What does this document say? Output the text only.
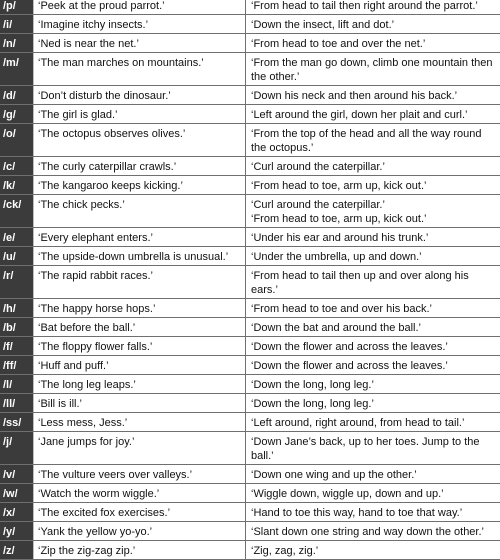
/p/	‘Peek at the proud parrot.’	‘From head to tail then right around the parrot.’
/i/	‘Imagine itchy insects.’	‘Down the insect, lift and dot.’
/n/	‘Ned is near the net.’	‘From head to toe and over the net.’
/m/	‘The man marches on mountains.’	‘From the man go down, climb one mountain then the other.’
/d/	‘Don’t disturb the dinosaur.’	‘Down his neck and then around his back.’
/g/	‘The girl is glad.’	‘Left around the girl, down her plait and curl.’
/o/	‘The octopus observes olives.’	‘From the top of the head and all the way round the octopus.’
/c/	‘The curly caterpillar crawls.’	‘Curl around the caterpillar.’
/k/	‘The kangaroo keeps kicking.’	‘From head to toe, arm up, kick out.’
/ck/	‘The chick pecks.’	‘Curl around the caterpillar.’
‘From head to toe, arm up, kick out.’
/e/	‘Every elephant enters.’	‘Under his ear and around his trunk.’
/u/	‘The upside-down umbrella is unusual.’	‘Under the umbrella, up and down.’
/r/	‘The rapid rabbit races.’	‘From head to tail then up and over along his ears.’
/h/	‘The happy horse hops.’	‘From head to toe and over his back.’
/b/	‘Bat before the ball.’	‘Down the bat and around the ball.’
/f/	‘The floppy flower falls.’	‘Down the flower and across the leaves.’
/ff/	‘Huff and puff.’	‘Down the flower and across the leaves.’
/l/	‘The long leg leaps.’	‘Down the long, long leg.’
/ll/	‘Bill is ill.’	‘Down the long, long leg.’
/ss/	‘Less mess, Jess.’	‘Left around, right around, from head to tail.’
/j/	‘Jane jumps for joy.’	‘Down Jane’s back, up to her toes. Jump to the ball.’
/v/	‘The vulture veers over valleys.’	‘Down one wing and up the other.’
/w/	‘Watch the worm wiggle.’	‘Wiggle down, wiggle up, down and up.’
/x/	‘The excited fox exercises.’	‘Hand to toe this way, hand to toe that way.’
/y/	‘Yank the yellow yo-yo.’	‘Slant down one string and way down the other.’
/z/	‘Zip the zig-zag zip.’	‘Zig, zag, zig.’
